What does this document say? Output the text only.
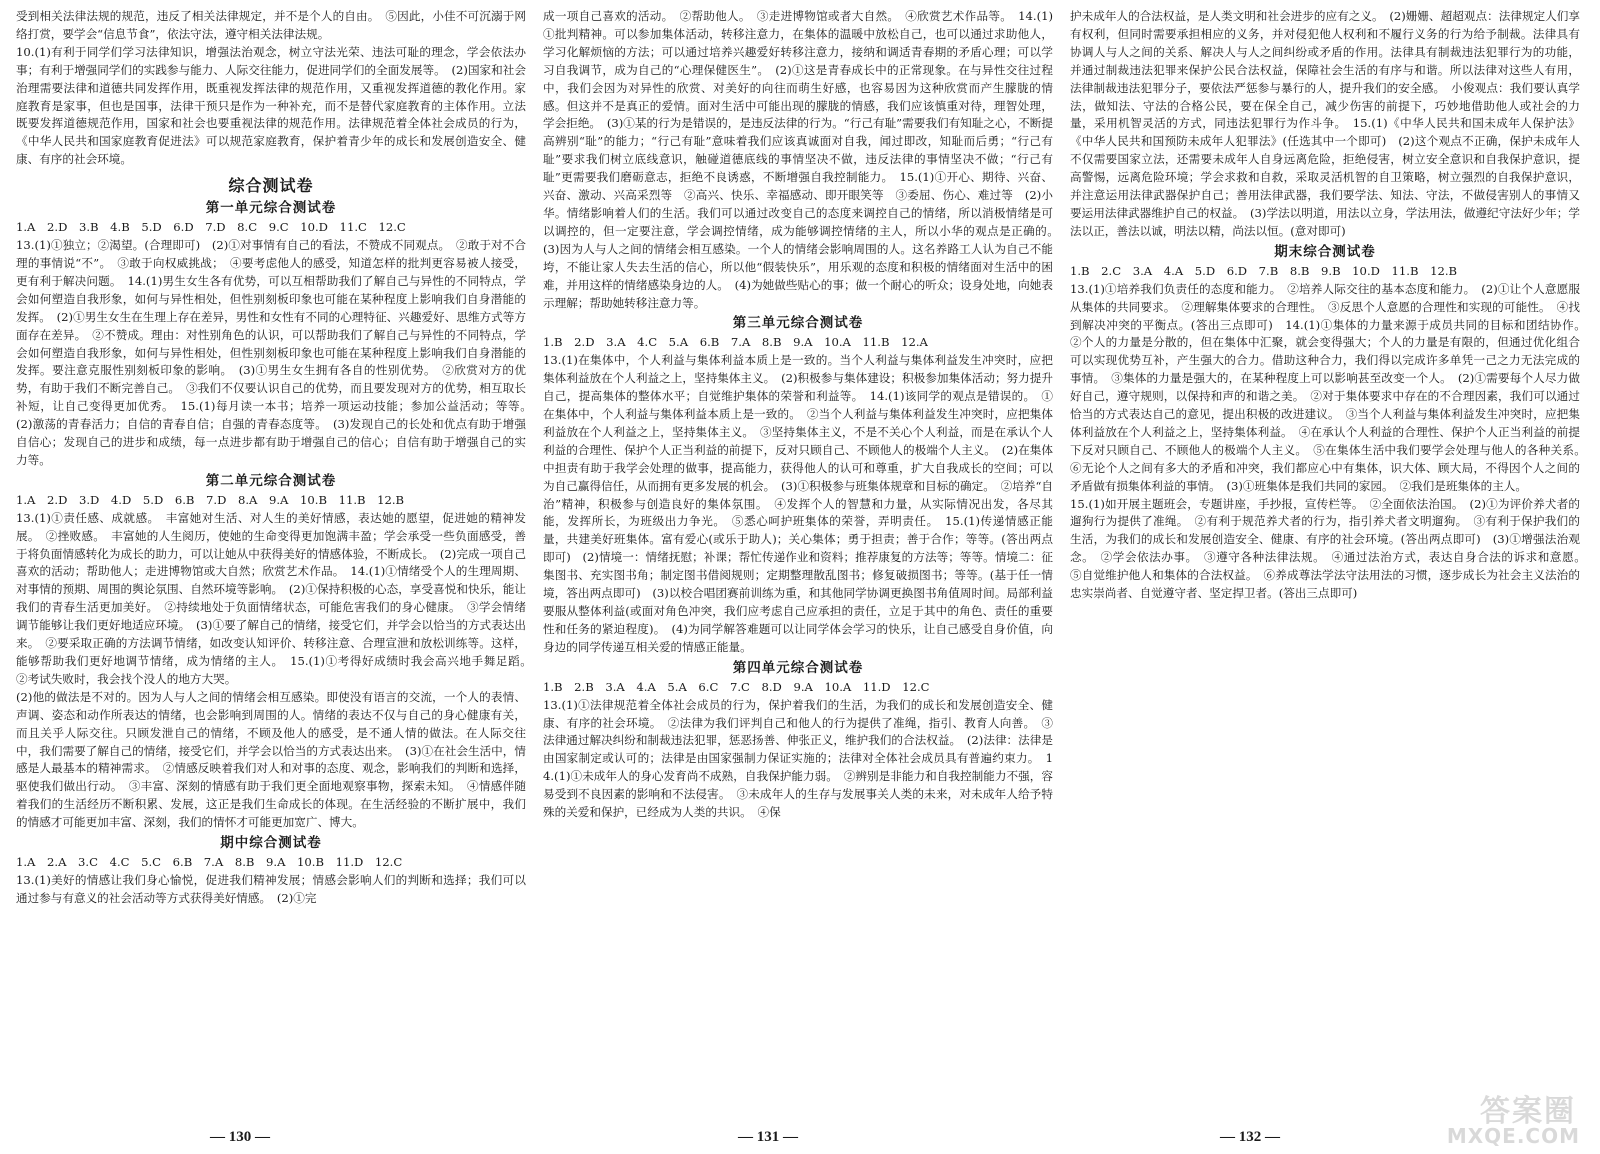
受到相关法律法规的规范，违反了相关法律规定，并不是个人的自由。　⑤因此，小佳不可沉溺于网络打赏，要学会“信息节食”，依法守法，遵守相关法律法规。

10.(1)有利于同学们学习法律知识，增强法治观念，树立守法光荣、违法可耻的理念，学会依法办事；有利于增强同学们的实践参与能力、人际交往能力，促进同学们的全面发展等。　(2)国家和社会治理需要法律和道德共同发挥作用，既重视发挥法律的规范作用，又重视发挥道德的教化作用。家庭教育是家事，但也是国事，法律干预只是作为一种补充，而不是替代家庭教育的主体作用。立法既要发挥道德规范作用，国家和社会也要重视法律的规范作用。法律规范着全体社会成员的行为，《中华人民共和国家庭教育促进法》可以规范家庭教育，保护着青少年的成长和发展创造安全、健康、有序的社会环境。

综合测试卷
第一单元综合测试卷

1.A　2.D　3.B　4.B　5.D　6.D　7.D　8.C　9.C　10.D　11.C　12.C

13.(1)①独立；②渴望。(合理即可)　(2)①对事情有自己的看法，不赞成不同观点。　②敢于对不合理的事情说“不”。　③敢于向权威挑战；　④要考虑他人的感受，知道怎样的批判更容易被人接受，更有利于解决问题。　14.(1)男生女生各有优势，可以互相帮助我们了解自己与异性的不同特点，学会如何塑造自我形象，如何与异性相处，但性别刻板印象也可能在某种程度上影响我们自身潜能的发挥。　(2)①男生女生在生理上存在差异，男性和女性有不同的心理特征、兴趣爱好、思维方式等方面存在差异。　②不赞成。理由：对性别角色的认识，可以帮助我们了解自己与异性的不同特点，学会如何塑造自我形象，如何与异性相处，但性别刻板印象也可能在某种程度上影响我们自身潜能的发挥。要注意克服性别刻板印象的影响。　(3)①男生女生拥有各自的性别优势。　②欣赏对方的优势，有助于我们不断完善自己。　③我们不仅要认识自己的优势，而且要发现对方的优势，相互取长补短，让自己变得更加优秀。　15.(1)每月读一本书；培养一项运动技能；参加公益活动；等等。　(2)激荡的青春活力；自信的青春自信；自强的青春态度等。　(3)发现自己的长处和优点有助于增强自信心；发现自己的进步和成绩，每一点进步都有助于增强自己的信心；自信有助于增强自己的实力等。

第二单元综合测试卷

1.A　2.D　3.D　4.D　5.D　6.B　7.D　8.A　9.A　10.B　11.B　12.B

13.(1)①责任感、成就感。　丰富她对生活、对人生的美好情感，表达她的愿望，促进她的精神发展。　②挫败感。　丰富她的人生阅历，使她的生命变得更加饱满丰盈；学会承受一些负面感受，善于将负面情感转化为成长的助力，可以让她从中获得美好的情感体验，不断成长。　(2)完成一项自己喜欢的活动；帮助他人；走进博物馆或大自然；欣赏艺术作品。　14.(1)①情绪受个人的生理周期、对事情的预期、周围的舆论氛围、自然环境等影响。　(2)①保持积极的心态，享受喜悦和快乐，能让我们的青春生活更加美好。　②持续地处于负面情绪状态，可能危害我们的身心健康。　③学会情绪调节能够让我们更好地适应环境。　(3)①要了解自己的情绪，接受它们，并学会以恰当的方式表达出来。　②要采取正确的方法调节情绪，如改变认知评价、转移注意、合理宣泄和放松训练等。这样，能够帮助我们更好地调节情绪，成为情绪的主人。　15.(1)①考得好成绩时我会高兴地手舞足蹈。　②考试失败时，我会找个没人的地方大哭。

(2)他的做法是不对的。因为人与人之间的情绪会相互感染。即使没有语言的交流，一个人的表情、声调、姿态和动作所表达的情绪，也会影响到周围的人。情绪的表达不仅与自己的身心健康有关，而且关乎人际交往。只顾发泄自己的情绪，不顾及他人的感受，是不通人情的做法。在人际交往中，我们需要了解自己的情绪，接受它们，并学会以恰当的方式表达出来。　(3)①在社会生活中，情感是人最基本的精神需求。　②情感反映着我们对人和对事的态度、观念，影响我们的判断和选择，驱使我们做出行动。　③丰富、深刻的情感有助于我们更全面地观察事物，探索未知。　④情感伴随着我们的生活经历不断积累、发展，这正是我们生命成长的体现。在生活经验的不断扩展中，我们的情感才可能更加丰富、深刻，我们的情怀才可能更加宽广、博大。

期中综合测试卷

1.A　2.A　3.C　4.C　5.C　6.B　7.A　8.B　9.A　10.B　11.D　12.C

13.(1)美好的情感让我们身心愉悦，促进我们精神发展；情感会影响人们的判断和选择；我们可以通过参与有意义的社会活动等方式获得美好情感。　(2)①完

成一项自己喜欢的活动。　②帮助他人。　③走进博物馆或者大自然。　④欣赏艺术作品等。　14.(1)①批判精神。可以参加集体活动，转移注意力，在集体的温暖中放松自己，也可以通过求助他人，学习化解烦恼的方法；可以通过培养兴趣爱好转移注意力，接纳和调适青春期的矛盾心理；可以学习自我调节，成为自己的“心理保健医生”。　(2)①这是青春成长中的正常现象。在与异性交往过程中，我们会因为对异性的欣赏、对美好的向往而萌生好感，也容易因为这种欣赏而产生朦胧的情感。但这并不是真正的爱情。面对生活中可能出现的朦胧的情感，我们应该慎重对待，理智处理，学会拒绝。　(3)①某的行为是错误的，是违反法律的行为。“行己有耻”需要我们有知耻之心，不断提高辨别“耻”的能力；“行己有耻”意味着我们应该真诚面对自我，闻过即改，知耻而后勇；“行己有耻”要求我们树立底线意识，触碰道德底线的事情坚决不做，违反法律的事情坚决不做；“行己有耻”更需要我们磨砺意志，拒绝不良诱惑，不断增强自我控制能力。　15.(1)①开心、期待、兴奋、兴奋、激动、兴高采烈等　②高兴、快乐、幸福感动、即开眼笑等　③委屈、伤心、难过等　(2)小华。情绪影响着人们的生活。我们可以通过改变自己的态度来调控自己的情绪，所以消极情绪是可以调控的，但一定要注意，学会调控情绪，成为能够调控情绪的主人，所以小华的观点是正确的。　(3)因为人与人之间的情绪会相互感染。一个人的情绪会影响周围的人。这名养路工人认为自己不能垮，不能让家人失去生活的信心，所以他“假装快乐”，用乐观的态度和积极的情绪面对生活中的困难，并用这样的情绪感染身边的人。　(4)为她做些贴心的事；做一个耐心的听众；设身处地，向她表示理解；帮助她转移注意力等。

第三单元综合测试卷

1.B　2.D　3.A　4.C　5.A　6.B　7.A　8.B　9.A　10.A　11.B　12.A

13.(1)在集体中，个人利益与集体利益本质上是一致的。当个人利益与集体利益发生冲突时，应把集体利益放在个人利益之上，坚持集体主义。　(2)积极参与集体建设；积极参加集体活动；努力提升自己，提高集体的整体水平；自觉维护集体的荣誉和利益等。　14.(1)该同学的观点是错误的。　①在集体中，个人利益与集体利益本质上是一致的。　②当个人利益与集体利益发生冲突时，应把集体利益放在个人利益之上，坚持集体主义。　③坚持集体主义，不是不关心个人利益，而是在承认个人利益的合理性、保护个人正当利益的前提下，反对只顾自己、不顾他人的极端个人主义。　(2)在集体中担责有助于我学会处理的做事，提高能力，获得他人的认可和尊重，扩大自我成长的空间；可以为自己赢得信任，从而拥有更多发展的机会。　(3)①积极参与班集体规章和目标的确定。　②培养“自治”精神，积极参与创造良好的集体氛围。　④发挥个人的智慧和力量，从实际情况出发，各尽其能，发挥所长，为班级出力争光。　⑤悉心呵护班集体的荣誉，弄明责任。　15.(1)传递情感正能量，共建美好班集体。富有爱心(或乐于助人)；关心集体；勇于担责；善于合作；等等。(答出两点即可)　(2)情境一：情绪抚慰；补课；帮忙传递作业和资料；推荐康复的方法等；等等。情境二：征集图书、充实图书角；制定图书借阅规则；定期整理散乱图书；修复破损图书；等等。(基于任一情境，答出两点即可)　(3)以校合唱团赛前训练为重，和其他同学协调更换图书角值周时间。局部利益要服从整体利益(或面对角色冲突，我们应考虑自己应承担的责任，立足于其中的角色、责任的重要性和任务的紧迫程度)。　(4)为同学解答难题可以让同学体会学习的快乐，让自己感受自身价值，向身边的同学传递互相关爱的情感正能量。

第四单元综合测试卷

1.B　2.B　3.A　4.A　5.A　6.C　7.C　8.D　9.A　10.A　11.D　12.C

13.(1)①法律规范着全体社会成员的行为，保护着我们的生活，为我们的成长和发展创造安全、健康、有序的社会环境。　②法律为我们评判自己和他人的行为提供了准绳，指引、教育人向善。　③法律通过解决纠纷和制裁违法犯罪，惩恶扬善、伸张正义，维护我们的合法权益。　(2)法律：法律是由国家制定或认可的；法律是由国家强制力保证实施的；法律对全体社会成员具有普遍约束力。　14.(1)①未成年人的身心发育尚不成熟，自我保护能力弱。　②辨别是非能力和自我控制能力不强，容易受到不良因素的影响和不法侵害。　③未成年人的生存与发展事关人类的未来，对未成年人给予特殊的关爱和保护，已经成为人类的共识。　④保

护未成年人的合法权益，是人类文明和社会进步的应有之义。　(2)姗姗、超超观点：法律规定人们享有权利，但同时需要承担相应的义务，并对侵犯他人权利和不履行义务的行为给予制裁。法律具有协调人与人之间的关系、解决人与人之间纠纷或矛盾的作用。法律具有制裁违法犯罪行为的功能，并通过制裁违法犯罪来保护公民合法权益，保障社会生活的有序与和谐。所以法律对这些人有用，法律制裁违法犯罪分子，要依法严惩参与暴行的人，提升我们的安全感。　小俊观点：我们要认真学法，做知法、守法的合格公民，要在保全自己，减少伤害的前提下，巧妙地借助他人或社会的力量，采用机智灵活的方式，同违法犯罪行为作斗争。　15.(1)《中华人民共和国未成年人保护法》《中华人民共和国预防未成年人犯罪法》(任选其中一个即可)　(2)这个观点不正确，保护未成年人不仅需要国家立法，还需要未成年人自身远离危险，拒绝侵害，树立安全意识和自我保护意识，提高警惕，远离危险环境；学会求救和自救，采取灵活机智的自卫策略，树立强烈的自我保护意识，并注意运用法律武器保护自己；善用法律武器，我们要学法、知法、守法，不做侵害别人的事情又要运用法律武器维护自己的权益。　(3)学法以明道，用法以立身，学法用法，做遵纪守法好少年；学法以正，善法以诚，明法以精，尚法以恒。(意对即可)

期末综合测试卷

1.B　2.C　3.A　4.A　5.D　6.D　7.B　8.B　9.B　10.D　11.B　12.B

13.(1)①培养我们负责任的态度和能力。　②培养人际交往的基本态度和能力。　(2)①让个人意愿服从集体的共同要求。　②理解集体要求的合理性。　③反思个人意愿的合理性和实现的可能性。　④找到解决冲突的平衡点。(答出三点即可)　14.(1)①集体的力量来源于成员共同的目标和团结协作。　②个人的力量是分散的，但在集体中汇聚，就会变得强大；个人的力量是有限的，但通过优化组合可以实现优势互补，产生强大的合力。借助这种合力，我们得以完成许多单凭一己之力无法完成的事情。　③集体的力量是强大的，在某种程度上可以影响甚至改变一个人。　(2)①需要每个人尽力做好自己，遵守规则，以保持和声的和谐之美。　②对于集体要求中存在的不合理因素，我们可以通过恰当的方式表达自己的意见，提出积极的改进建议。　③当个人利益与集体利益发生冲突时，应把集体利益放在个人利益之上，坚持集体利益。　④在承认个人利益的合理性、保护个人正当利益的前提下反对只顾自己、不顾他人的极端个人主义。　⑤在集体生活中我们要学会处理与他人的各种关系。　⑥无论个人之间有多大的矛盾和冲突，我们都应心中有集体，识大体、顾大局，不得因个人之间的矛盾做有损集体利益的事情。　(3)①班集体是我们共同的家园。　②我们是班集体的主人。

15.(1)如开展主题班会，专题讲座，手抄报，宣传栏等。　②全面依法治国。　(2)①为评价养犬者的遛狗行为提供了准绳。　②有利于规范养犬者的行为，指引养犬者文明遛狗。　③有利于保护我们的生活，为我们的成长和发展创造安全、健康、有序的社会环境。(答出两点即可)　(3)①增强法治观念。　②学会依法办事。　③遵守各种法律法规。　④通过法治方式，表达自身合法的诉求和意愿。　⑤自觉维护他人和集体的合法权益。　⑥养成尊法学法守法用法的习惯，逐步成长为社会主义法治的忠实崇尚者、自觉遵守者、坚定捍卫者。(答出三点即可)

— 130 —	— 131 —	— 132 —
答案圈
MXQE.COM
